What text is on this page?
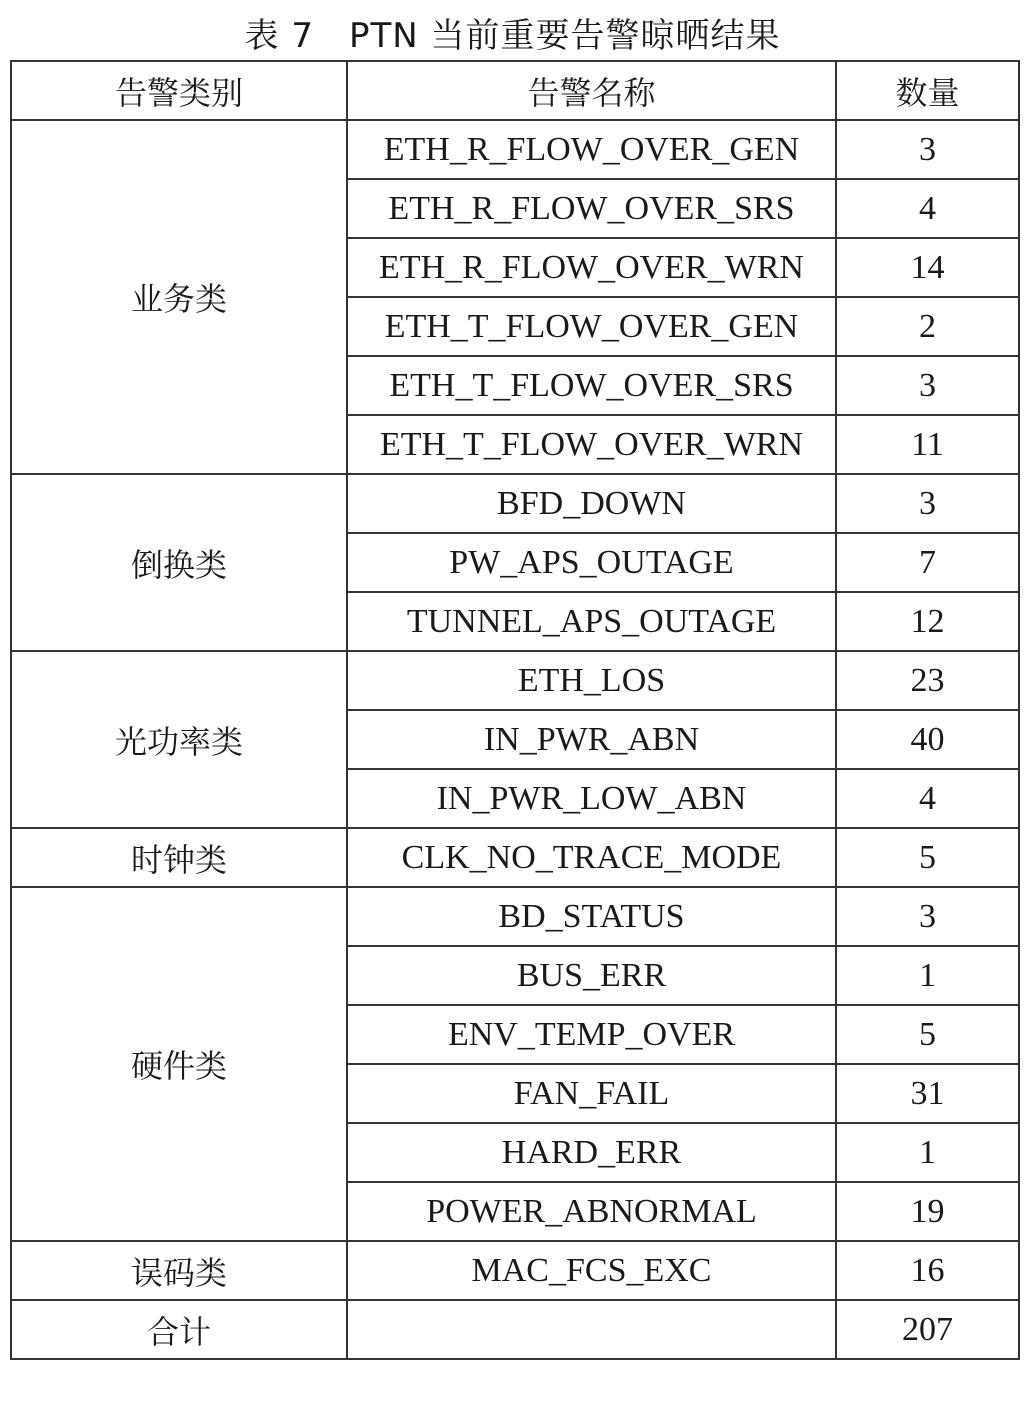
表 7　PTN 当前重要告警晾晒结果
告警类别	告警名称	数量
业务类	ETH_R_FLOW_OVER_GEN	3
	ETH_R_FLOW_OVER_SRS	4
	ETH_R_FLOW_OVER_WRN	14
	ETH_T_FLOW_OVER_GEN	2
	ETH_T_FLOW_OVER_SRS	3
	ETH_T_FLOW_OVER_WRN	11
倒换类	BFD_DOWN	3
	PW_APS_OUTAGE	7
	TUNNEL_APS_OUTAGE	12
光功率类	ETH_LOS	23
	IN_PWR_ABN	40
	IN_PWR_LOW_ABN	4
时钟类	CLK_NO_TRACE_MODE	5
硬件类	BD_STATUS	3
	BUS_ERR	1
	ENV_TEMP_OVER	5
	FAN_FAIL	31
	HARD_ERR	1
	POWER_ABNORMAL	19
误码类	MAC_FCS_EXC	16
合计		207
